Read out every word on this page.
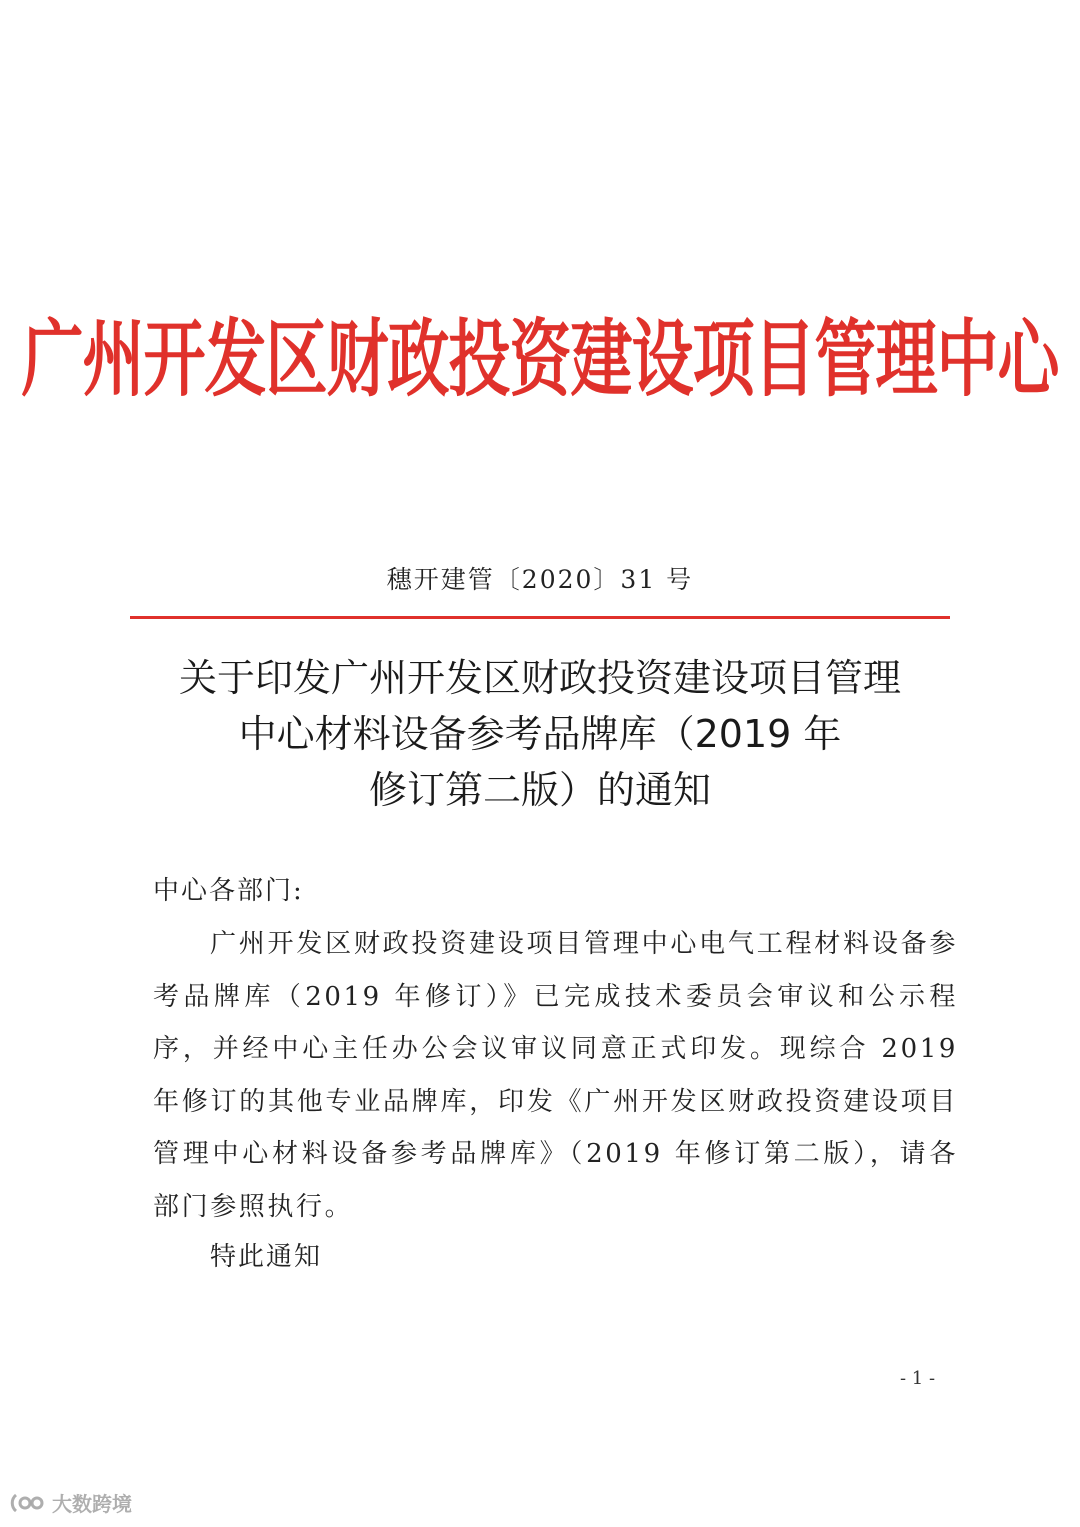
广州开发区财政投资建设项目管理中心
穗开建管〔2020〕31 号
关于印发广州开发区财政投资建设项目管理
中心材料设备参考品牌库（2019 年
修订第二版）的通知
中心各部门:
广州开发区财政投资建设项目管理中心电气工程材料设备参考品牌库（2019 年修订）》已完成技术委员会审议和公示程序，并经中心主任办公会议审议同意正式印发。现综合 2019 年修订的其他专业品牌库，印发《广州开发区财政投资建设项目管理中心材料设备参考品牌库》（2019 年修订第二版），请各部门参照执行。
特此通知
- 1 -
大数跨境
